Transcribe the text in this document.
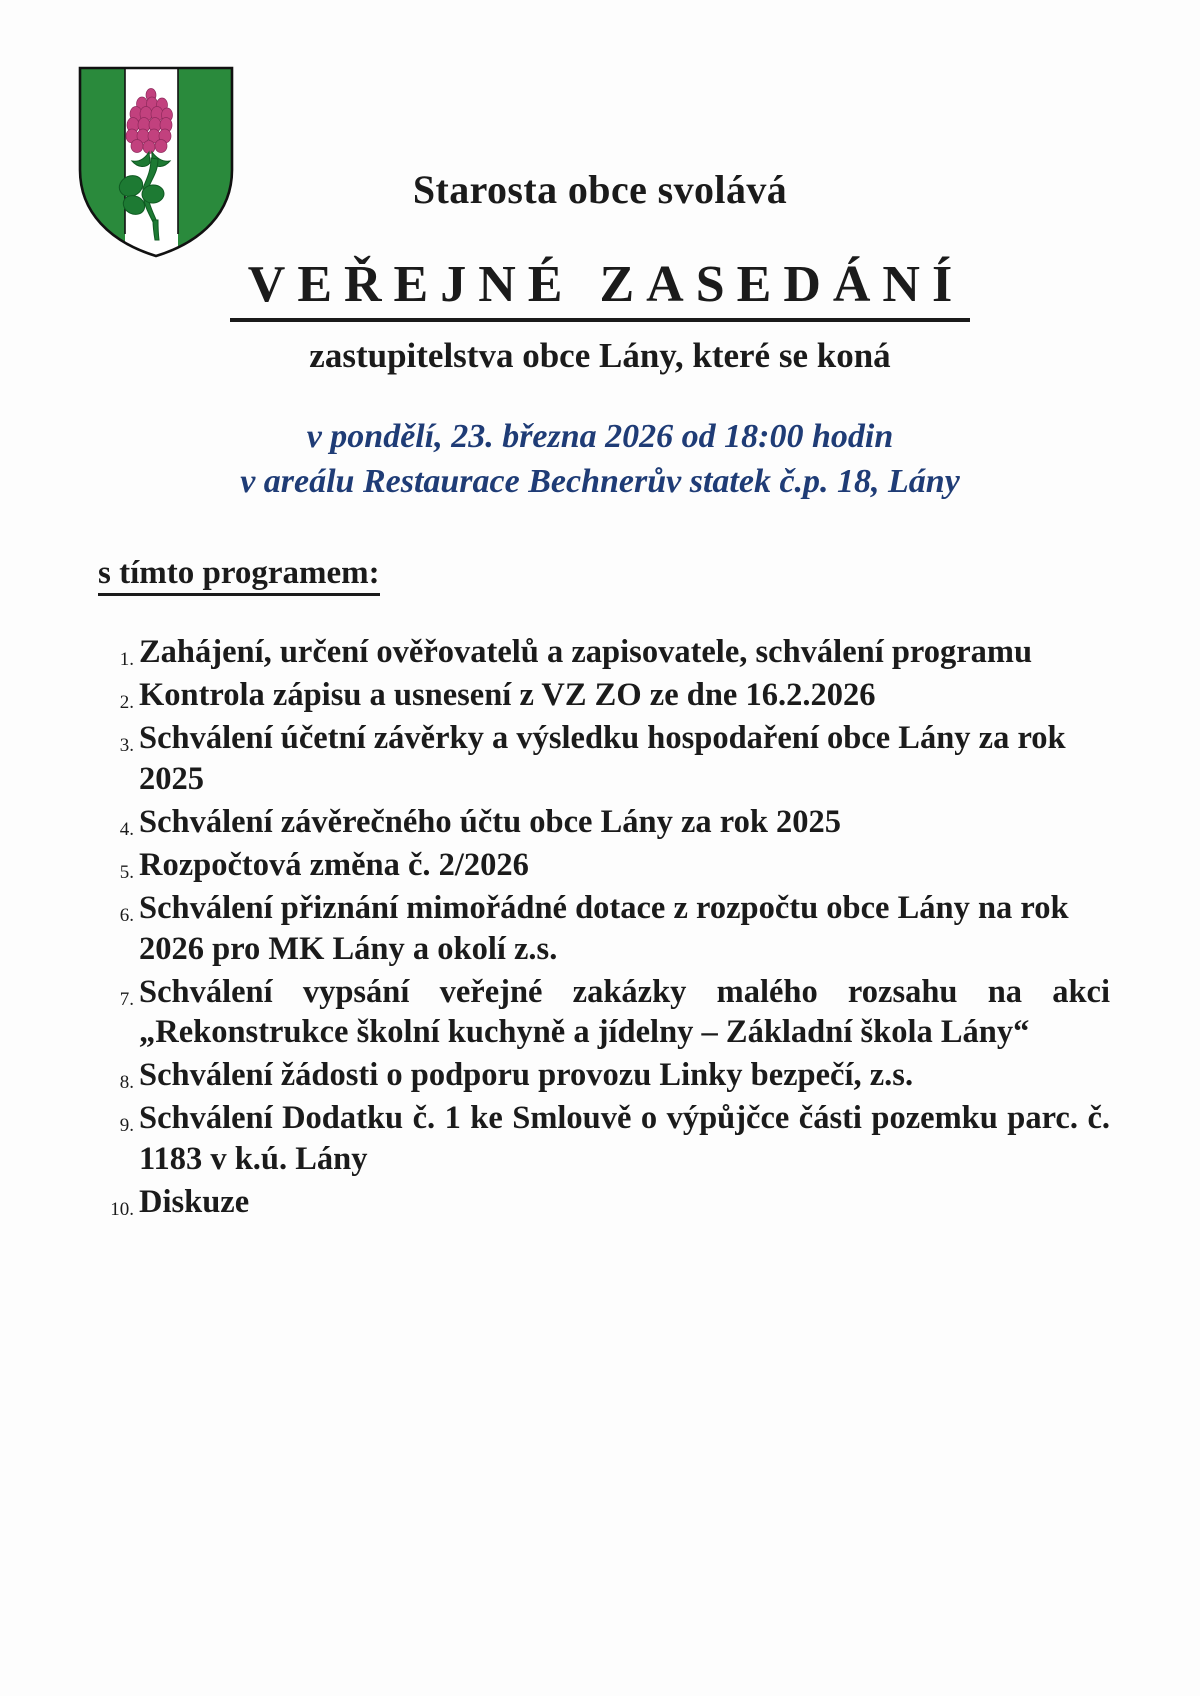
Starosta obce svolává
VEŘEJNÉ ZASEDÁNÍ
zastupitelstva obce Lány, které se koná
v pondělí, 23. března 2026 od 18:00 hodin
v areálu Restaurace Bechnerův statek č.p. 18, Lány
s tímto programem:
1. Zahájení, určení ověřovatelů a zapisovatele, schválení programu
2. Kontrola zápisu a usnesení z VZ ZO ze dne 16.2.2026
3. Schválení účetní závěrky a výsledku hospodaření obce Lány za rok 2025
4. Schválení závěrečného účtu obce Lány za rok 2025
5. Rozpočtová změna č. 2/2026
6. Schválení přiznání mimořádné dotace z rozpočtu obce Lány na rok 2026 pro MK Lány a okolí z.s.
7. Schválení vypsání veřejné zakázky malého rozsahu na akci „Rekonstrukce školní kuchyně a jídelny – Základní škola Lány“
8. Schválení žádosti o podporu provozu Linky bezpečí, z.s.
9. Schválení Dodatku č. 1 ke Smlouvě o výpůjčce části pozemku parc. č. 1183 v k.ú. Lány
10. Diskuze
